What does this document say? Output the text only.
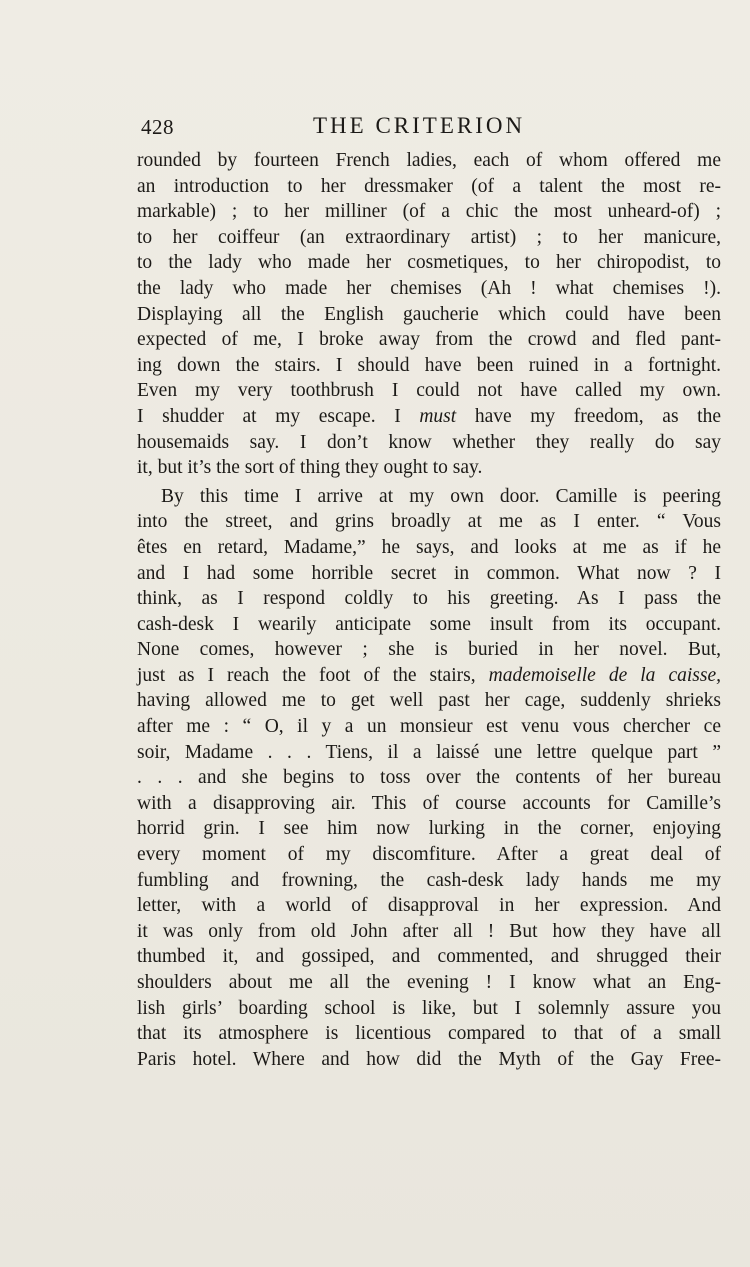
428	THE CRITERION
rounded by fourteen French ladies, each of whom offered me
an introduction to her dressmaker (of a talent the most re-
markable) ; to her milliner (of a chic the most unheard-of) ;
to her coiffeur (an extraordinary artist) ; to her manicure,
to the lady who made her cosmetiques, to her chiropodist, to
the lady who made her chemises (Ah ! what chemises !).
Displaying all the English gaucherie which could have been
expected of me, I broke away from the crowd and fled pant-
ing down the stairs. I should have been ruined in a fortnight.
Even my very toothbrush I could not have called my own.
I shudder at my escape. I must have my freedom, as the
housemaids say. I don’t know whether they really do say
it, but it’s the sort of thing they ought to say.
By this time I arrive at my own door. Camille is peering
into the street, and grins broadly at me as I enter. “ Vous
êtes en retard, Madame,” he says, and looks at me as if he
and I had some horrible secret in common. What now ? I
think, as I respond coldly to his greeting. As I pass the
cash-desk I wearily anticipate some insult from its occupant.
None comes, however ; she is buried in her novel. But,
just as I reach the foot of the stairs, mademoiselle de la caisse,
having allowed me to get well past her cage, suddenly shrieks
after me : “ O, il y a un monsieur est venu vous chercher ce
soir, Madame . . . Tiens, il a laissé une lettre quelque part ”
. . . and she begins to toss over the contents of her bureau
with a disapproving air. This of course accounts for Camille’s
horrid grin. I see him now lurking in the corner, enjoying
every moment of my discomfiture. After a great deal of
fumbling and frowning, the cash-desk lady hands me my
letter, with a world of disapproval in her expression. And
it was only from old John after all ! But how they have all
thumbed it, and gossiped, and commented, and shrugged their
shoulders about me all the evening ! I know what an Eng-
lish girls’ boarding school is like, but I solemnly assure you
that its atmosphere is licentious compared to that of a small
Paris hotel. Where and how did the Myth of the Gay Free-
